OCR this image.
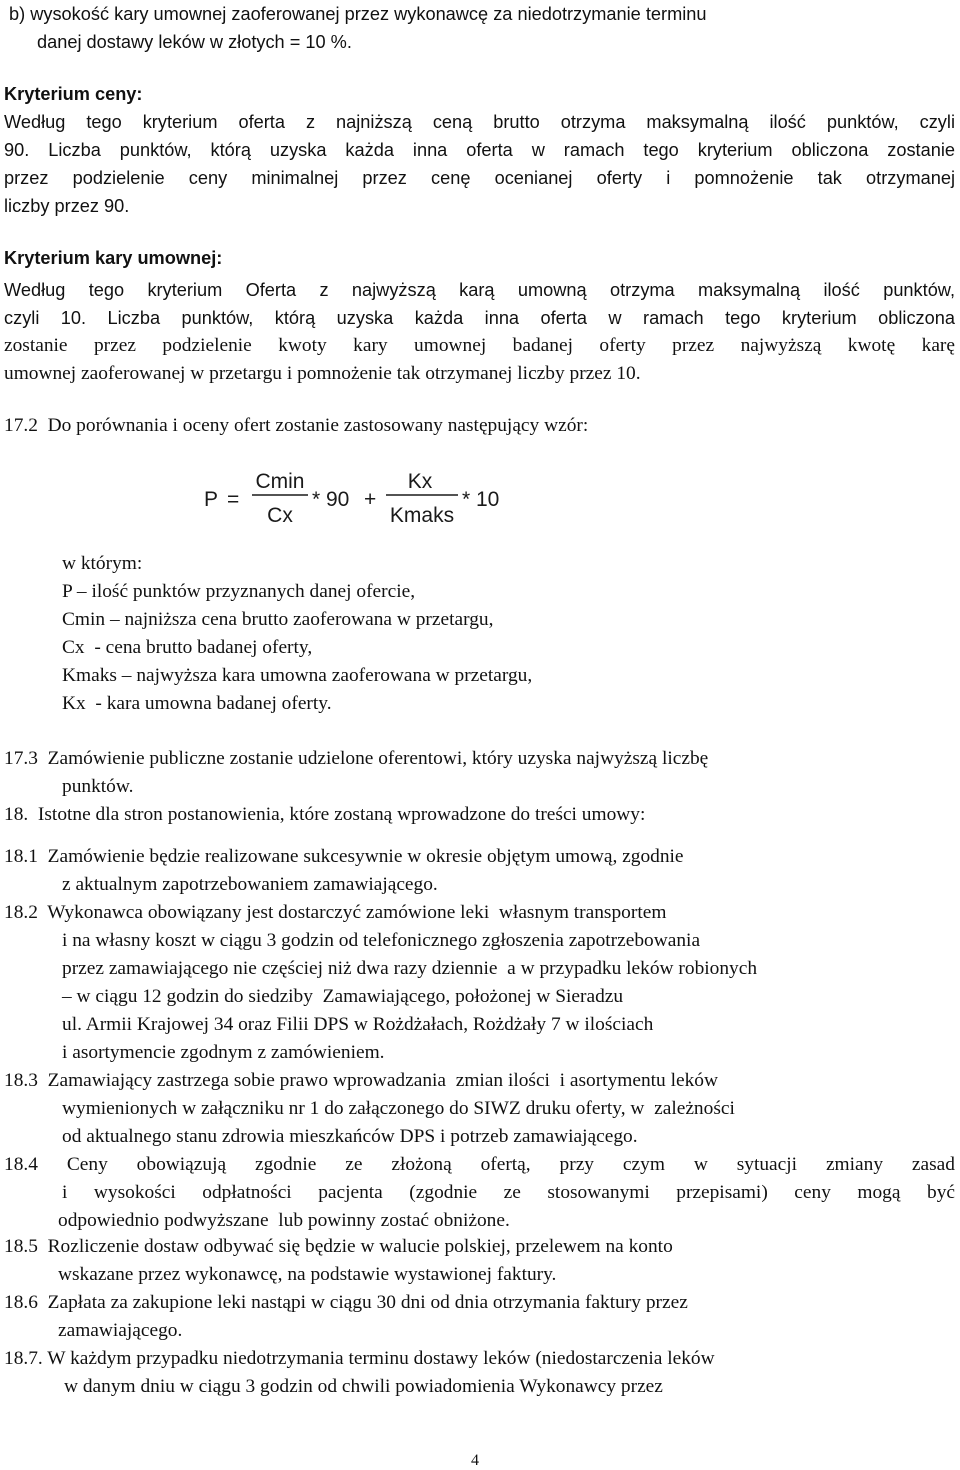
b) wysokość kary umownej zaoferowanej przez wykonawcę za niedotrzymanie terminu
danej dostawy leków w złotych = 10 %.
Kryterium ceny:
Według tego kryterium oferta z najniższą ceną brutto otrzyma maksymalną ilość punktów, czyli
90. Liczba punktów, którą uzyska każda inna oferta w ramach tego kryterium obliczona zostanie
przez podzielenie ceny minimalnej przez cenę ocenianej oferty i pomnożenie tak otrzymanej
liczby przez 90.
Kryterium kary umownej:
Według tego kryterium Oferta z najwyższą karą umowną otrzyma maksymalną ilość punktów,
czyli 10. Liczba punktów, którą uzyska każda inna oferta w ramach tego kryterium obliczona
zostanie przez podzielenie kwoty kary umownej badanej oferty przez najwyższą kwotę karę
umownej zaoferowanej w przetargu i pomnożenie tak otrzymanej liczby przez 10.
17.2  Do porównania i oceny ofert zostanie zastosowany następujący wzór:
P =
Cmin
Cx
* 90 +
Kx
Kmaks
* 10
w którym:
P – ilość punktów przyznanych danej ofercie,
Cmin – najniższa cena brutto zaoferowana w przetargu,
Cx  - cena brutto badanej oferty,
Kmaks – najwyższa kara umowna zaoferowana w przetargu,
Kx  - kara umowna badanej oferty.
17.3  Zamówienie publiczne zostanie udzielone oferentowi, który uzyska najwyższą liczbę
punktów.
18.  Istotne dla stron postanowienia, które zostaną wprowadzone do treści umowy:
18.1  Zamówienie będzie realizowane sukcesywnie w okresie objętym umową, zgodnie
z aktualnym zapotrzebowaniem zamawiającego.
18.2  Wykonawca obowiązany jest dostarczyć zamówione leki  własnym transportem
i na własny koszt w ciągu 3 godzin od telefonicznego zgłoszenia zapotrzebowania
przez zamawiającego nie częściej niż dwa razy dziennie  a w przypadku leków robionych
– w ciągu 12 godzin do siedziby  Zamawiającego, położonej w Sieradzu
ul. Armii Krajowej 34 oraz Filii DPS w Rożdżałach, Rożdżały 7 w ilościach
i asortymencie zgodnym z zamówieniem.
18.3  Zamawiający zastrzega sobie prawo wprowadzania  zmian ilości  i asortymentu leków
wymienionych w załączniku nr 1 do załączonego do SIWZ druku oferty, w  zależności
od aktualnego stanu zdrowia mieszkańców DPS i potrzeb zamawiającego.
18.4 Ceny obowiązują zgodnie ze złożoną ofertą, przy czym w sytuacji zmiany zasad
i wysokości odpłatności pacjenta (zgodnie ze stosowanymi przepisami) ceny mogą być
odpowiednio podwyższane  lub powinny zostać obniżone.
18.5  Rozliczenie dostaw odbywać się będzie w walucie polskiej, przelewem na konto
wskazane przez wykonawcę, na podstawie wystawionej faktury.
18.6  Zapłata za zakupione leki nastąpi w ciągu 30 dni od dnia otrzymania faktury przez
zamawiającego.
18.7. W każdym przypadku niedotrzymania terminu dostawy leków (niedostarczenia leków
w danym dniu w ciągu 3 godzin od chwili powiadomienia Wykonawcy przez
4
